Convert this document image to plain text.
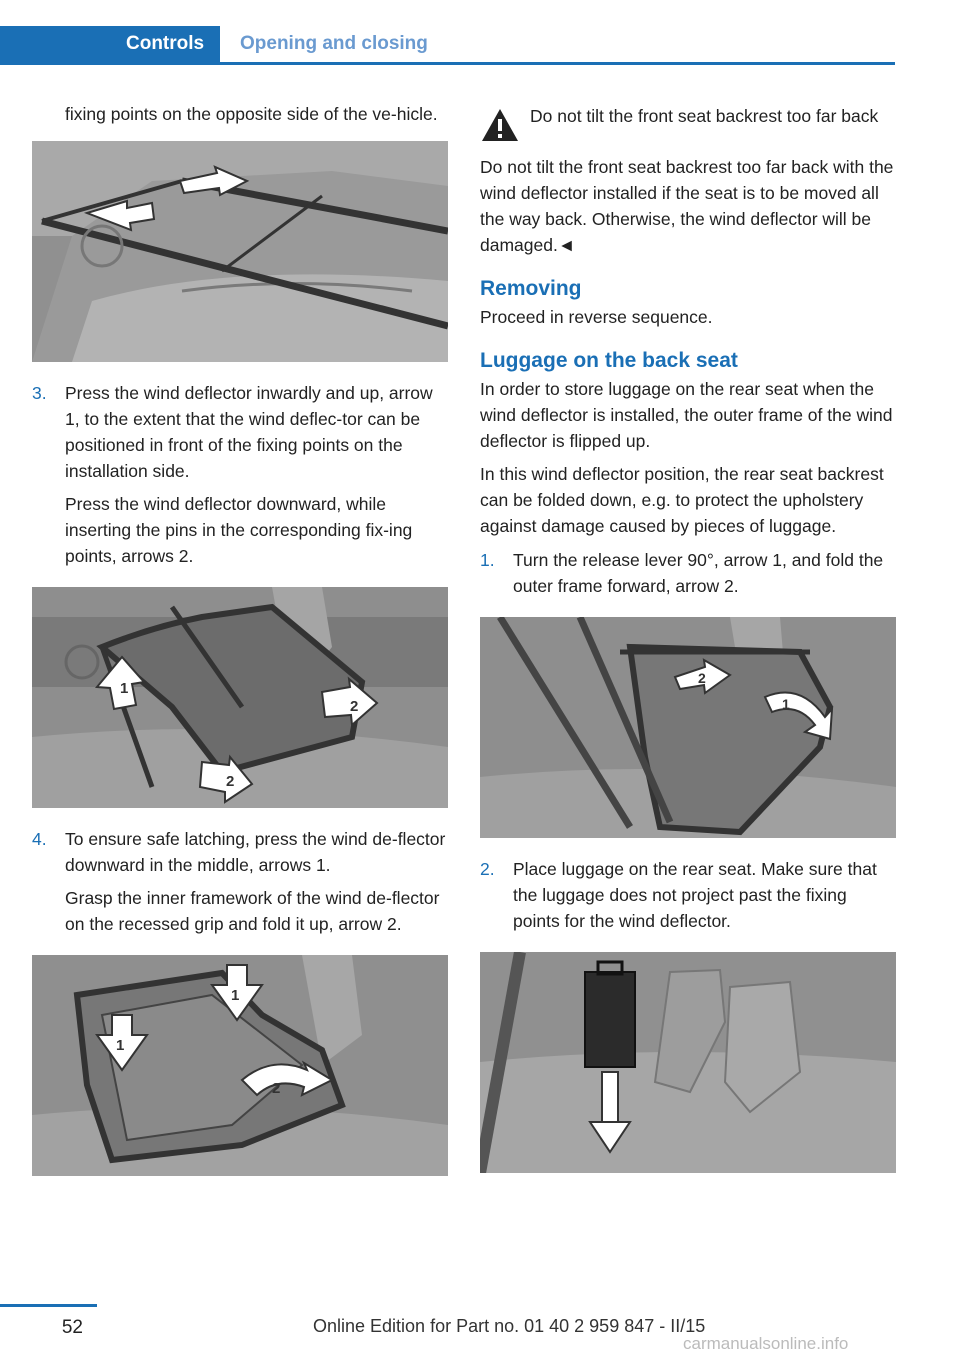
Controls	Opening and closing

fixing points on the opposite side of the ve‐hicle.

3.	Press the wind deflector inwardly and up, arrow 1, to the extent that the wind deflec‐tor can be positioned in front of the fixing points on the installation side.

Press the wind deflector downward, while inserting the pins in the corresponding fix‐ing points, arrows 2.

1
2
2
4.	To ensure safe latching, press the wind de‐flector downward in the middle, arrows 1.

Grasp the inner framework of the wind de‐flector on the recessed grip and fold it up, arrow 2.

1
1
2

Do not tilt the front seat backrest too far back

Do not tilt the front seat backrest too far back with the wind deflector installed if the seat is to be moved all the way back. Otherwise, the wind deflector will be damaged.◄

Removing

Proceed in reverse sequence.

Luggage on the back seat

In order to store luggage on the rear seat when the wind deflector is installed, the outer frame of the wind deflector is flipped up.

In this wind deflector position, the rear seat backrest can be folded down, e.g. to protect the upholstery against damage caused by pieces of luggage.

1.	Turn the release lever 90°, arrow 1, and fold the outer frame forward, arrow 2.

2
1
2.	Place luggage on the rear seat. Make sure that the luggage does not project past the fixing points for the wind deflector.

52	Online Edition for Part no. 01 40 2 959 847 - II/15
carmanualsonline.info
